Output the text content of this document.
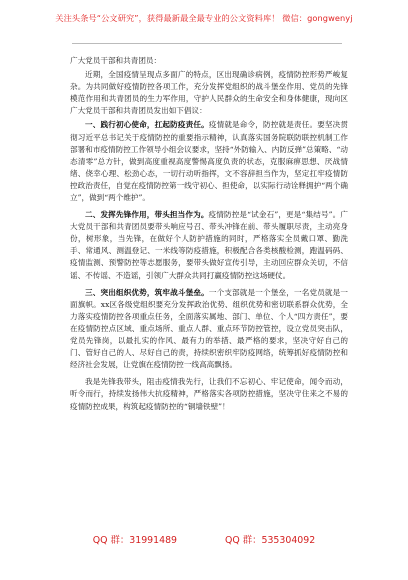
关注头条号“公文研究”，获得最新最全最专业的公文资料库！ 微信：gongwenyj

广大党员干部和共青团员：

近期，全国疫情呈现点多面广的特点，区出现确诊病例，疫情防控形势严峻复杂。为共同做好疫情防控各项工作，充分发挥党组织的战斗堡垒作用、党员的先锋模范作用和共青团员的生力军作用，守护人民群众的生命安全和身体健康，现向区广大党员干部和共青团员发出如下倡议：

一、践行初心使命，扛起防疫责任。疫情就是命令，防控就是责任。要坚决贯彻习近平总书记关于疫情防控的重要指示精神，认真落实国务院联防联控机制工作部署和市疫情防控工作领导小组会议要求，坚持“外防输入、内防反弹”总策略、“动态清零”总方针，做到高度重视高度警惕高度负责的状态，克服麻痹思想、厌战情绪、侥幸心理、松劲心态，一切行动听指挥，文不容辞担当作为，坚定扛牢疫情防控政治责任，自觉在疫情防控第一线守初心、担使命，以实际行动诠释拥护“两个确立”，做到“两个维护”。

二、发挥先锋作用，带头担当作为。疫情防控是“试金石”，更是“集结号”。广大党员干部和共青团员要带头响应号召、带头冲锋在前、带头履职尽责，主动亮身份，树形象，当先锋，在做好个人防护措施的同时，严格落实全员戴口罩、勤洗手、常通风、测温登记、一米线等防疫措施，积极配合各类核酸检测，跑温码码、疫情监测、预警防控等志愿服务，要带头做好宣传引导，主动回应群众关切，不信谣、不传谣、不造谣，引领广大群众共同打赢疫情防控这场硬仗。

三、突出组织优势，筑牢战斗堡垒。一个支部就是一个堡垒，一名党员就是一面旗帜。xx区各级党组织要充分发挥政治优势、组织优势和密切联系群众优势，全力落实疫情防控各项重点任务，全面落实属地、部门、单位、个人“四方责任”，要在疫情防控点区域、重点场所、重点人群、重点环节防控管控，设立党员突击队，党员先锋岗，以最扎实的作风、最有力的举措、最严格的要求，坚决守好自己的门、管好自己的人、尽好自己的责，持续织密织牢防疫网络，统筹抓好疫情防控和经济社会发展，让党旗在疫情防控一线高高飘扬。

我是先锋我带头，阻击疫情我先行，让我们不忘初心、牢记使命，闻令而动，听令而行，持续发扬伟大抗疫精神，严格落实各项防控措施，坚决守住来之不易的疫情防控成果，构筑起疫情防控的“铜墙铁壁”！

QQ 群：31991489	QQ 群：535304092
